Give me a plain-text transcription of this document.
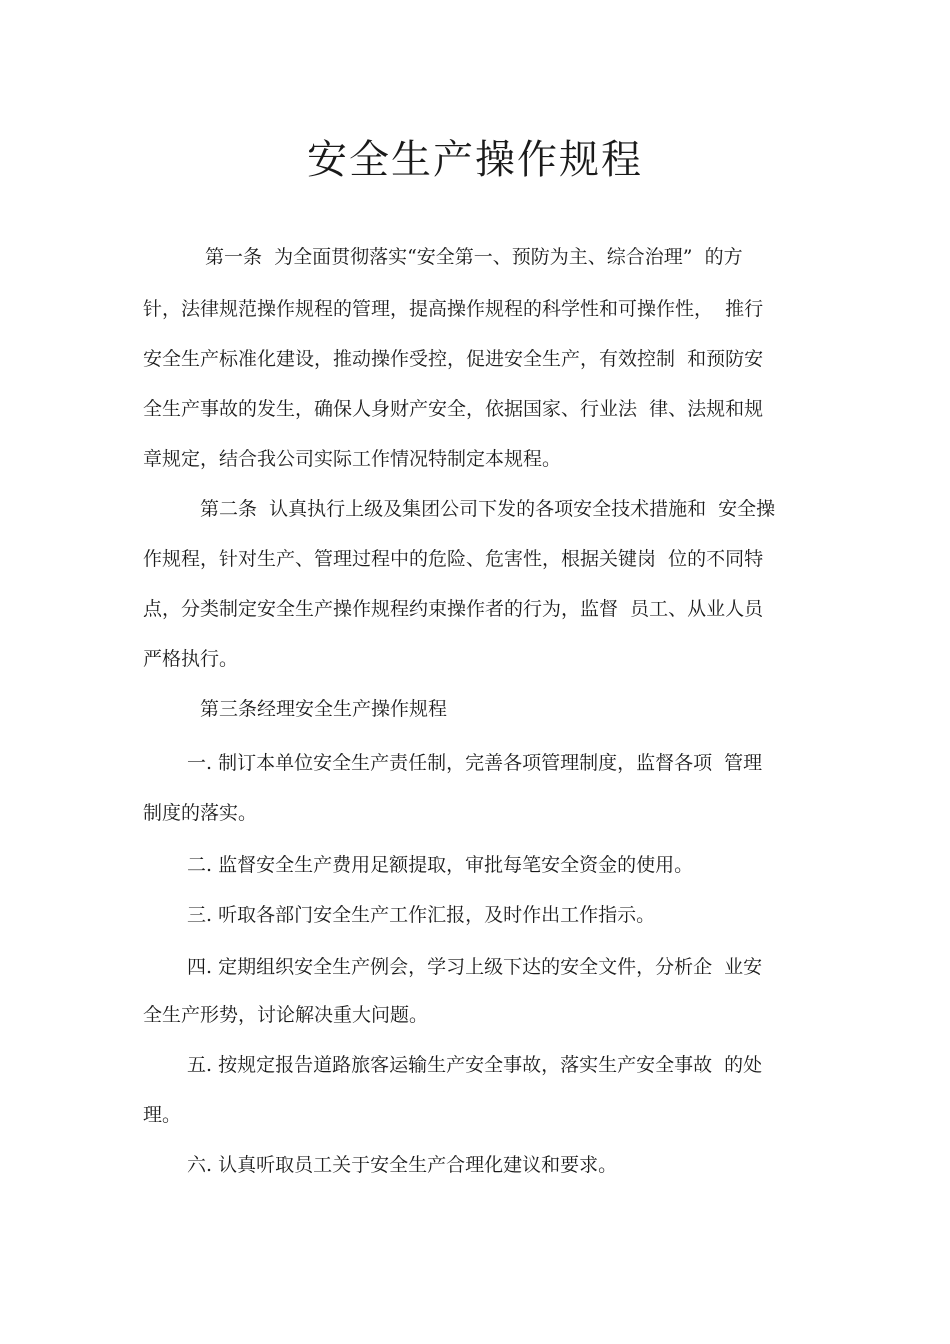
安全生产操作规程

第一条  为全面贯彻落实“安全第一、预防为主、综合治理”  的方

针，法律规范操作规程的管理，提高操作规程的科学性和可操作性，  推行

安全生产标准化建设，推动操作受控，促进安全生产，有效控制  和预防安

全生产事故的发生，确保人身财产安全，依据国家、行业法  律、法规和规

章规定，结合我公司实际工作情况特制定本规程。

第二条  认真执行上级及集团公司下发的各项安全技术措施和  安全操

作规程，针对生产、管理过程中的危险、危害性，根据关键岗  位的不同特

点，分类制定安全生产操作规程约束操作者的行为，监督  员工、从业人员

严格执行。

第三条经理安全生产操作规程

一. 制订本单位安全生产责任制，完善各项管理制度，监督各项  管理

制度的落实。

二. 监督安全生产费用足额提取，审批每笔安全资金的使用。

三. 听取各部门安全生产工作汇报，及时作出工作指示。

四. 定期组织安全生产例会，学习上级下达的安全文件，分析企  业安

全生产形势，讨论解决重大问题。

五. 按规定报告道路旅客运输生产安全事故，落实生产安全事故  的处

理。

六. 认真听取员工关于安全生产合理化建议和要求。
